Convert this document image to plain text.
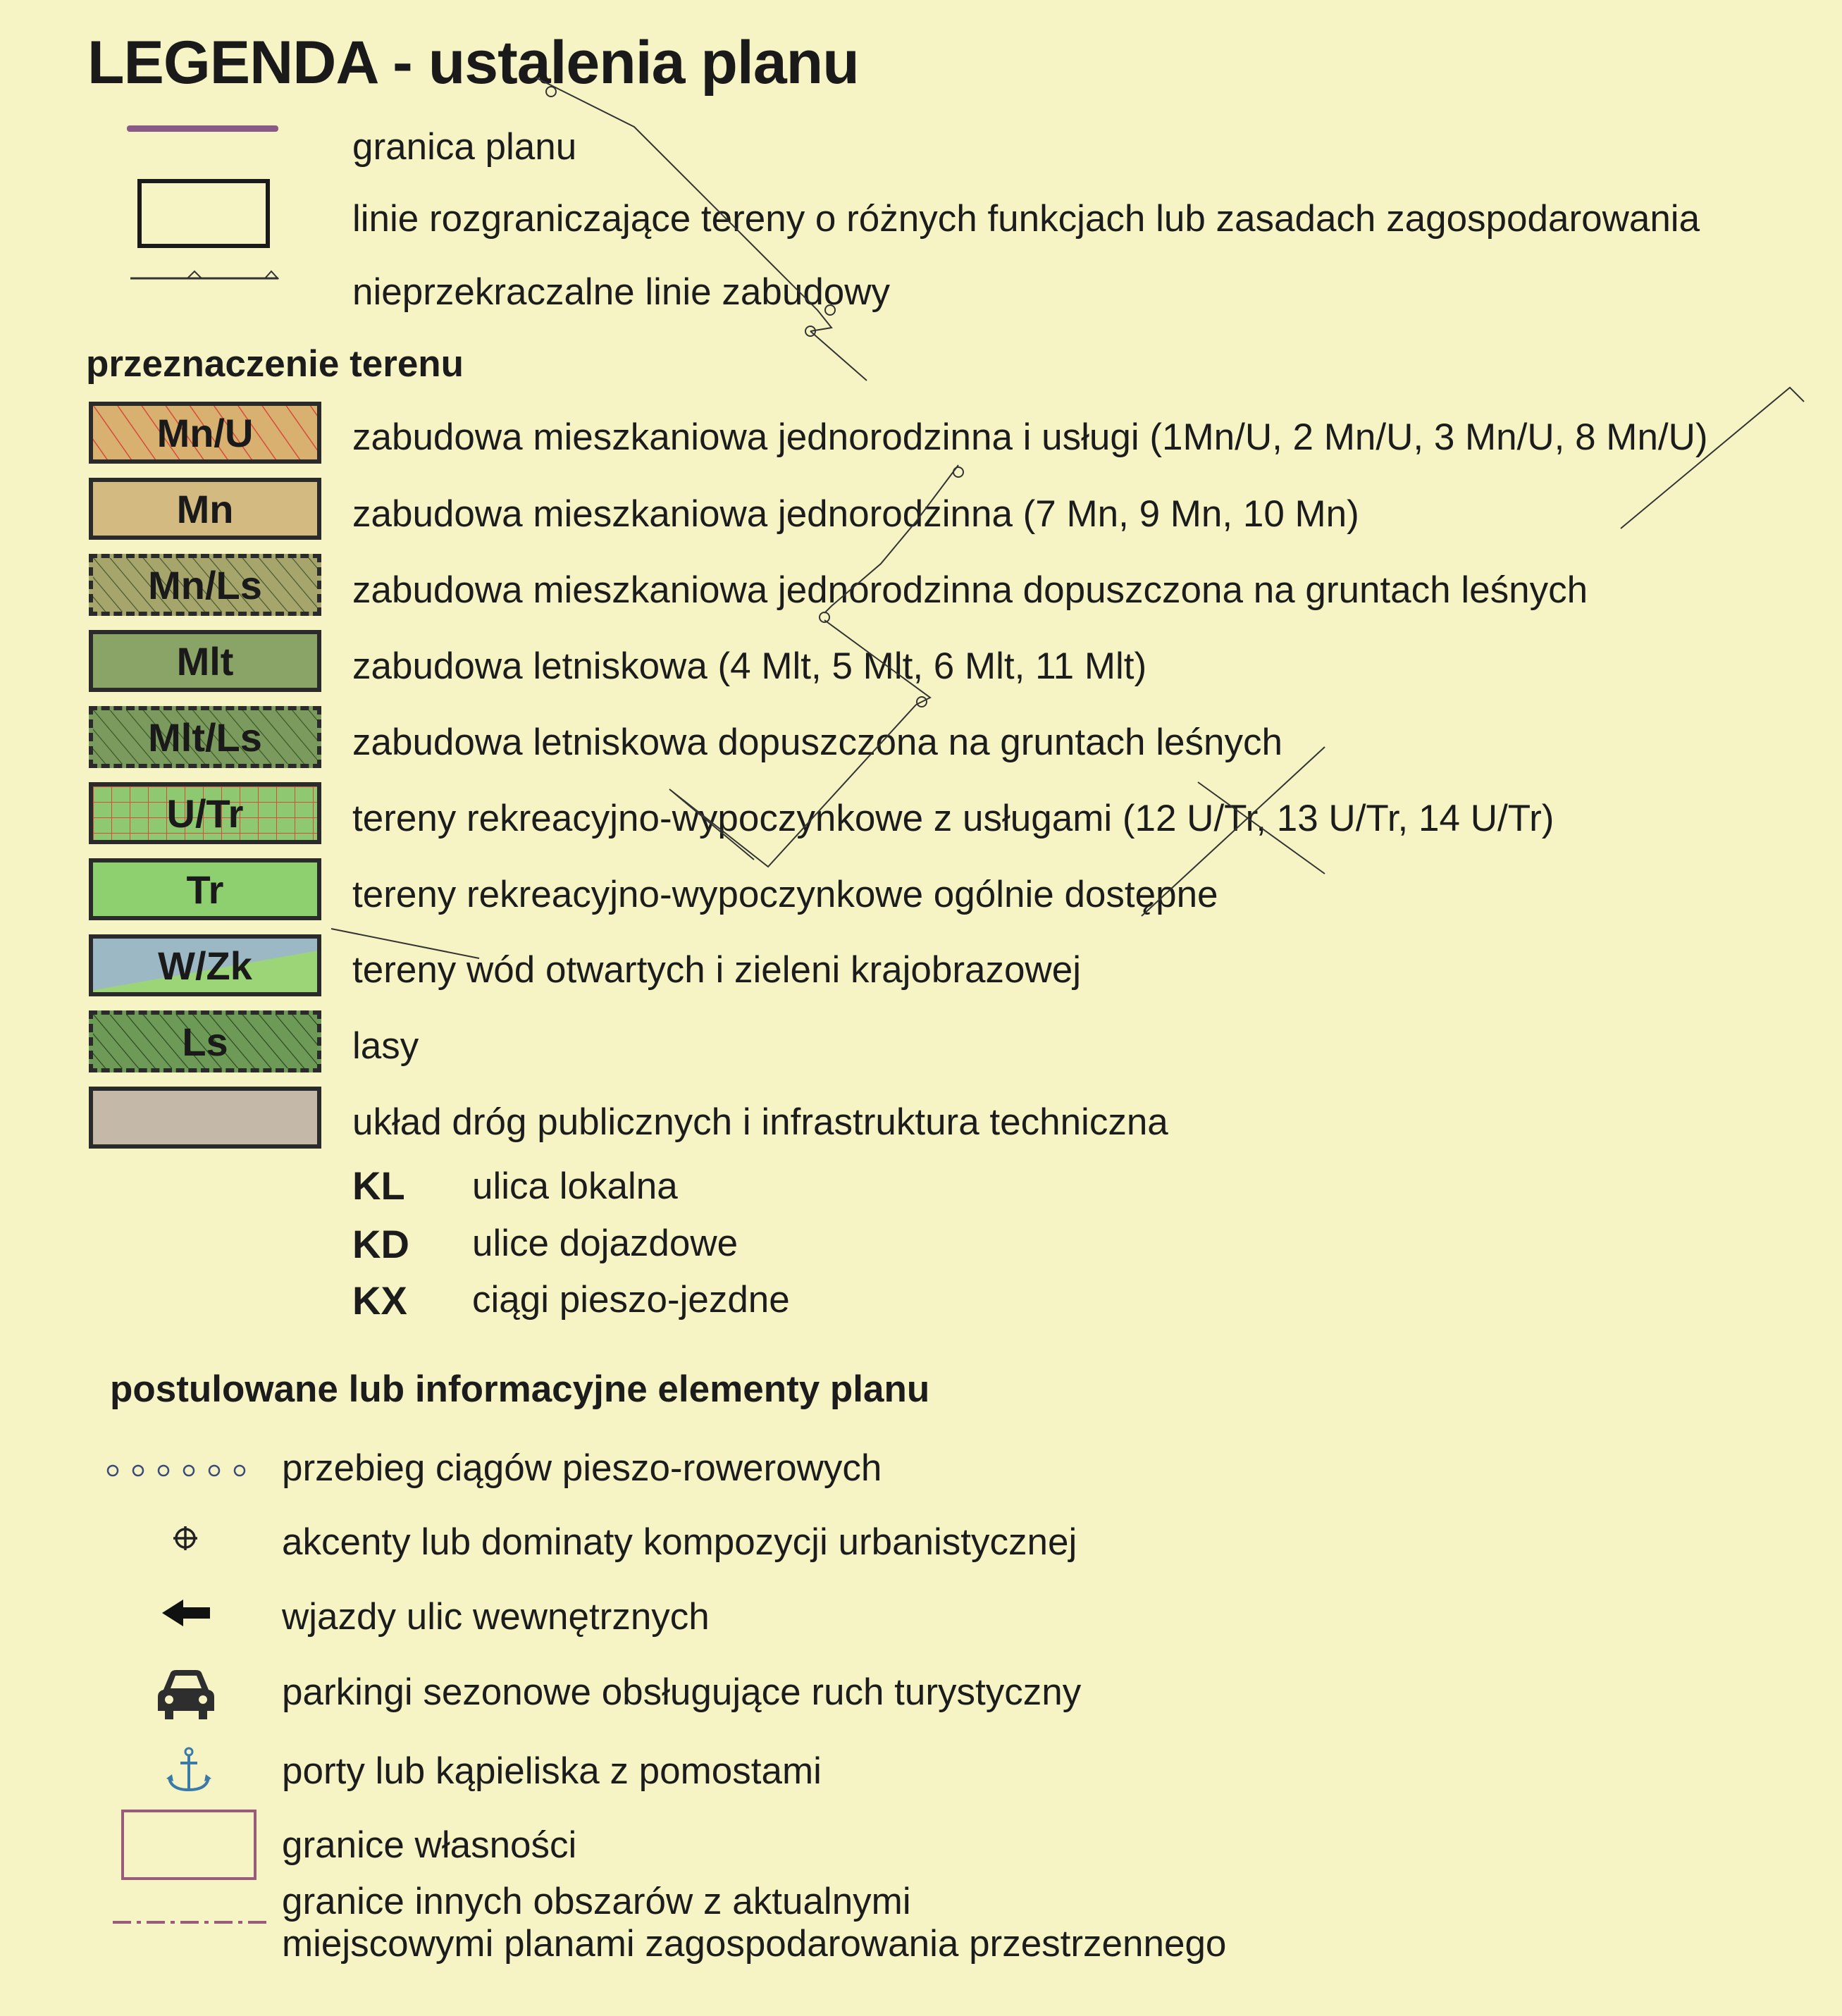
LEGENDA - ustalenia planu
granica planu
linie rozgraniczające tereny o różnych funkcjach lub zasadach zagospodarowania
nieprzekraczalne linie zabudowy
przeznaczenie terenu
Mn/U	zabudowa mieszkaniowa jednorodzinna i usługi (1Mn/U, 2 Mn/U, 3 Mn/U, 8 Mn/U)
Mn	zabudowa mieszkaniowa jednorodzinna (7 Mn, 9 Mn, 10 Mn)
Mn/Ls zabudowa mieszkaniowa jednorodzinna dopuszczona na gruntach leśnych
Mlt	zabudowa letniskowa (4 Mlt, 5 Mlt, 6 Mlt, 11 Mlt)
Mlt/Ls zabudowa letniskowa dopuszczona na gruntach leśnych
U/Tr	tereny rekreacyjno-wypoczynkowe z usługami (12 U/Tr, 13 U/Tr, 14 U/Tr)
Tr	tereny rekreacyjno-wypoczynkowe ogólnie dostępne
W/Zk	tereny wód otwartych i zieleni krajobrazowej
Ls	lasy
układ dróg publicznych i infrastruktura techniczna
KL ulica lokalna
KD ulice dojazdowe
KX ciągi pieszo-jezdne
postulowane lub informacyjne elementy planu
przebieg ciągów pieszo-rowerowych
akcenty lub dominaty kompozycji urbanistycznej
wjazdy ulic wewnętrznych
parkingi sezonowe obsługujące ruch turystyczny
porty lub kąpieliska z pomostami
granice własności
granice innych obszarów z aktualnymi
miejscowymi planami zagospodarowania przestrzennego
